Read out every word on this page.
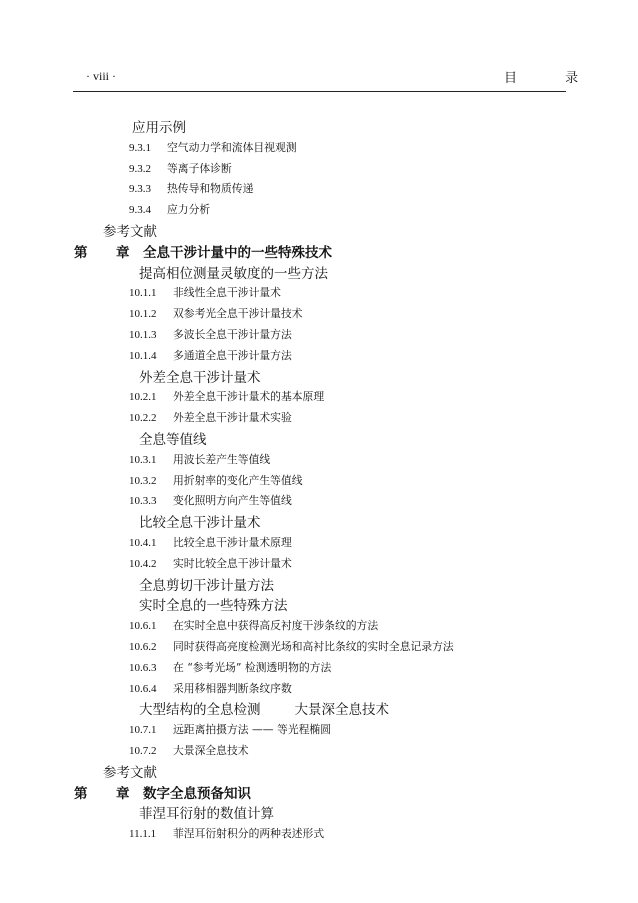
· viii ·	目 录
应用示例
9.3.1 空气动力学和流体目视观测
9.3.2 等离子体诊断
9.3.3 热传导和物质传递
9.3.4 应力分析
参考文献
第 章 全息干涉计量中的一些特殊技术
提高相位测量灵敏度的一些方法
10.1.1 非线性全息干涉计量术
10.1.2 双参考光全息干涉计量技术
10.1.3 多波长全息干涉计量方法
10.1.4 多通道全息干涉计量方法
外差全息干涉计量术
10.2.1 外差全息干涉计量术的基本原理
10.2.2 外差全息干涉计量术实验
全息等值线
10.3.1 用波长差产生等值线
10.3.2 用折射率的变化产生等值线
10.3.3 变化照明方向产生等值线
比较全息干涉计量术
10.4.1 比较全息干涉计量术原理
10.4.2 实时比较全息干涉计量术
全息剪切干涉计量方法
实时全息的一些特殊方法
10.6.1 在实时全息中获得高反衬度干涉条纹的方法
10.6.2 同时获得高亮度检测光场和高衬比条纹的实时全息记录方法
10.6.3 在 “参考光场” 检测透明物的方法
10.6.4 采用移相器判断条纹序数
大型结构的全息检测	大景深全息技术
10.7.1 远距离拍摄方法 —— 等光程椭圆
10.7.2 大景深全息技术
参考文献
第 章 数字全息预备知识
菲涅耳衍射的数值计算
11.1.1 菲涅耳衍射积分的两种表述形式
